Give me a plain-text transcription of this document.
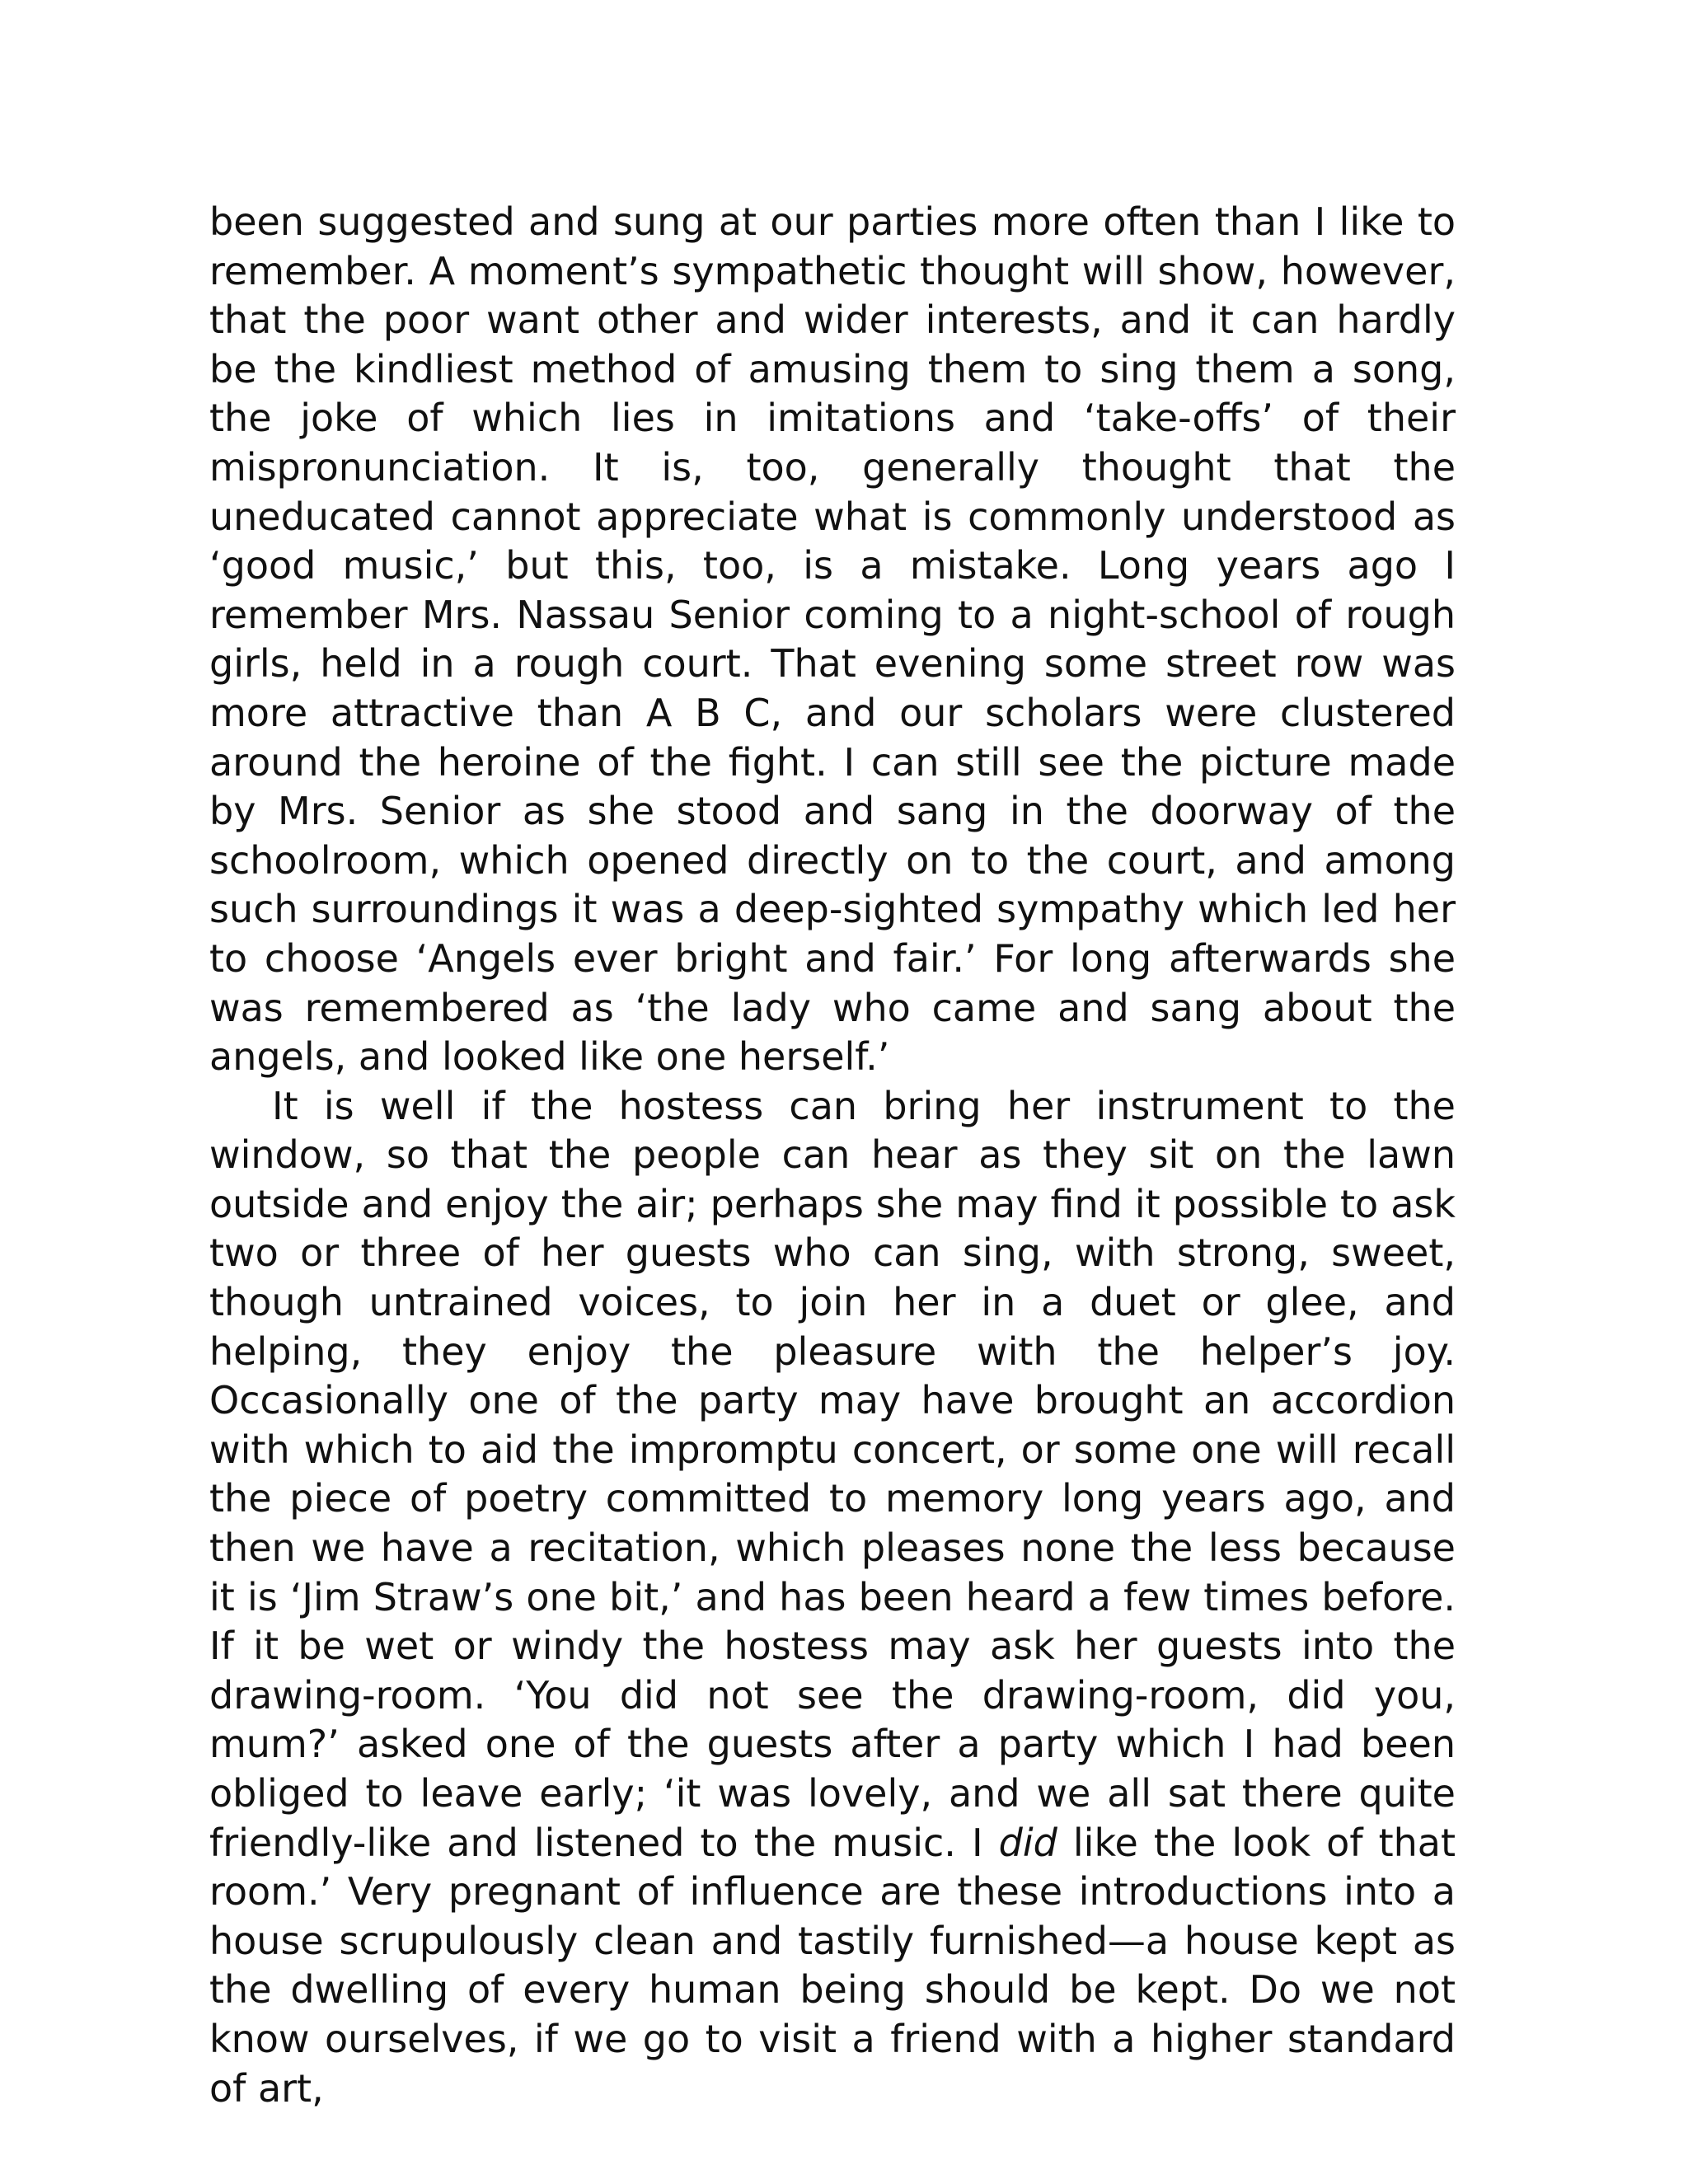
been suggested and sung at our parties more often than I like to remember. A moment’s sympathetic thought will show, however, that the poor want other and wider interests, and it can hardly be the kindliest method of amusing them to sing them a song, the joke of which lies in imitations and ‘take-offs’ of their mispronunciation. It is, too, generally thought that the uneducated cannot appreciate what is commonly understood as ‘good music,’ but this, too, is a mistake. Long years ago I remember Mrs. Nassau Senior coming to a night-school of rough girls, held in a rough court. That evening some street row was more attractive than A B C, and our scholars were clustered around the heroine of the fight. I can still see the picture made by Mrs. Senior as she stood and sang in the doorway of the schoolroom, which opened directly on to the court, and among such surroundings it was a deep-sighted sympathy which led her to choose ‘Angels ever bright and fair.’ For long afterwards she was remembered as ‘the lady who came and sang about the angels, and looked like one herself.’

It is well if the hostess can bring her instrument to the window, so that the people can hear as they sit on the lawn outside and enjoy the air; perhaps she may find it possible to ask two or three of her guests who can sing, with strong, sweet, though untrained voices, to join her in a duet or glee, and helping, they enjoy the pleasure with the helper’s joy. Occasionally one of the party may have brought an accordion with which to aid the impromptu concert, or some one will recall the piece of poetry committed to memory long years ago, and then we have a recitation, which pleases none the less because it is ‘Jim Straw’s one bit,’ and has been heard a few times before. If it be wet or windy the hostess may ask her guests into the drawing-room. ‘You did not see the drawing-room, did you, mum?’ asked one of the guests after a party which I had been obliged to leave early; ‘it was lovely, and we all sat there quite friendly-like and listened to the music. I did like the look of that room.’ Very pregnant of influence are these introductions into a house scrupulously clean and tastily furnished—a house kept as the dwelling of every human being should be kept. Do we not know ourselves, if we go to visit a friend with a higher standard of art,
